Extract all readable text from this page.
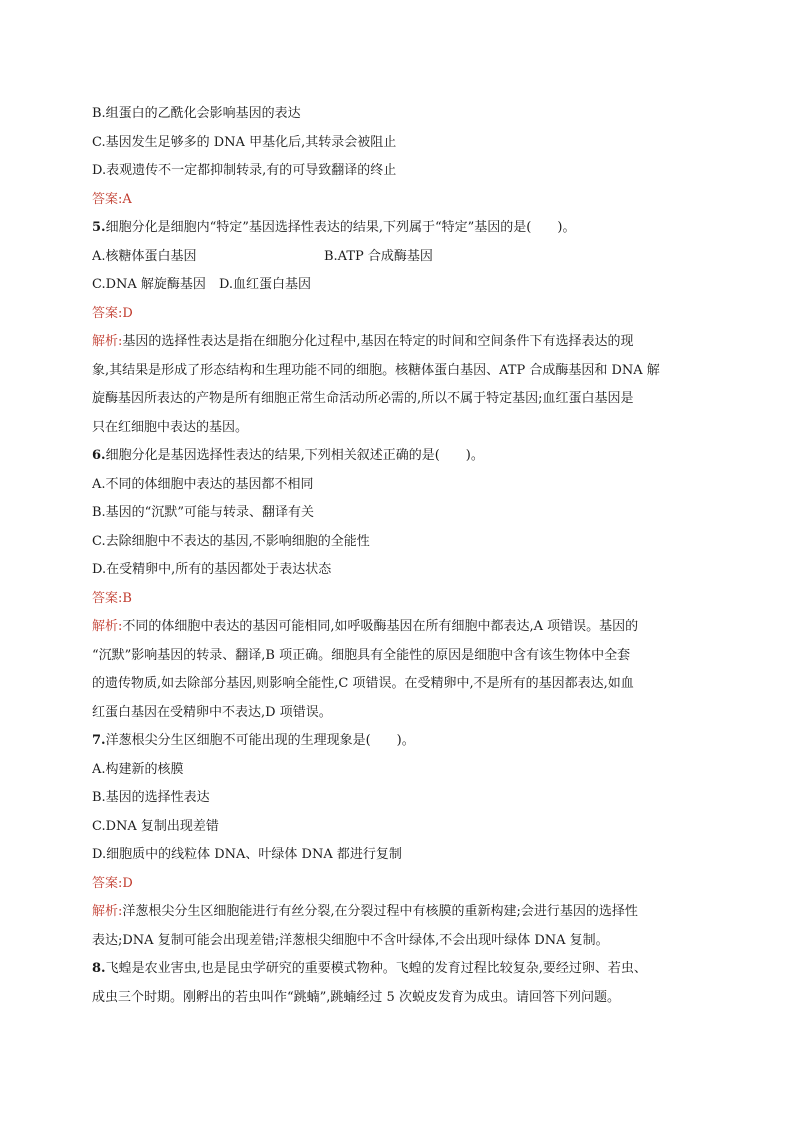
B.组蛋白的乙酰化会影响基因的表达
C.基因发生足够多的 DNA 甲基化后,其转录会被阻止
D.表观遗传不一定都抑制转录,有的可导致翻译的终止
答案:A
5.细胞分化是细胞内“特定”基因选择性表达的结果,下列属于“特定”基因的是(　　)。
A.核糖体蛋白基因	B.ATP 合成酶基因
C.DNA 解旋酶基因　 D.血红蛋白基因
答案:D
解析:基因的选择性表达是指在细胞分化过程中,基因在特定的时间和空间条件下有选择表达的现
象,其结果是形成了形态结构和生理功能不同的细胞。核糖体蛋白基因、ATP 合成酶基因和 DNA 解
旋酶基因所表达的产物是所有细胞正常生命活动所必需的,所以不属于特定基因;血红蛋白基因是
只在红细胞中表达的基因。
6.细胞分化是基因选择性表达的结果,下列相关叙述正确的是(　　)。
A.不同的体细胞中表达的基因都不相同
B.基因的“沉默”可能与转录、翻译有关
C.去除细胞中不表达的基因,不影响细胞的全能性
D.在受精卵中,所有的基因都处于表达状态
答案:B
解析:不同的体细胞中表达的基因可能相同,如呼吸酶基因在所有细胞中都表达,A 项错误。基因的
“沉默”影响基因的转录、翻译,B 项正确。细胞具有全能性的原因是细胞中含有该生物体中全套
的遗传物质,如去除部分基因,则影响全能性,C 项错误。在受精卵中,不是所有的基因都表达,如血
红蛋白基因在受精卵中不表达,D 项错误。
7.洋葱根尖分生区细胞不可能出现的生理现象是(　　)。
A.构建新的核膜
B.基因的选择性表达
C.DNA 复制出现差错
D.细胞质中的线粒体 DNA、叶绿体 DNA 都进行复制
答案:D
解析:洋葱根尖分生区细胞能进行有丝分裂,在分裂过程中有核膜的重新构建;会进行基因的选择性
表达;DNA 复制可能会出现差错;洋葱根尖细胞中不含叶绿体,不会出现叶绿体 DNA 复制。
8.飞蝗是农业害虫,也是昆虫学研究的重要模式物种。飞蝗的发育过程比较复杂,要经过卵、若虫、
成虫三个时期。刚孵出的若虫叫作“跳蝻”,跳蝻经过 5 次蜕皮发育为成虫。请回答下列问题。
